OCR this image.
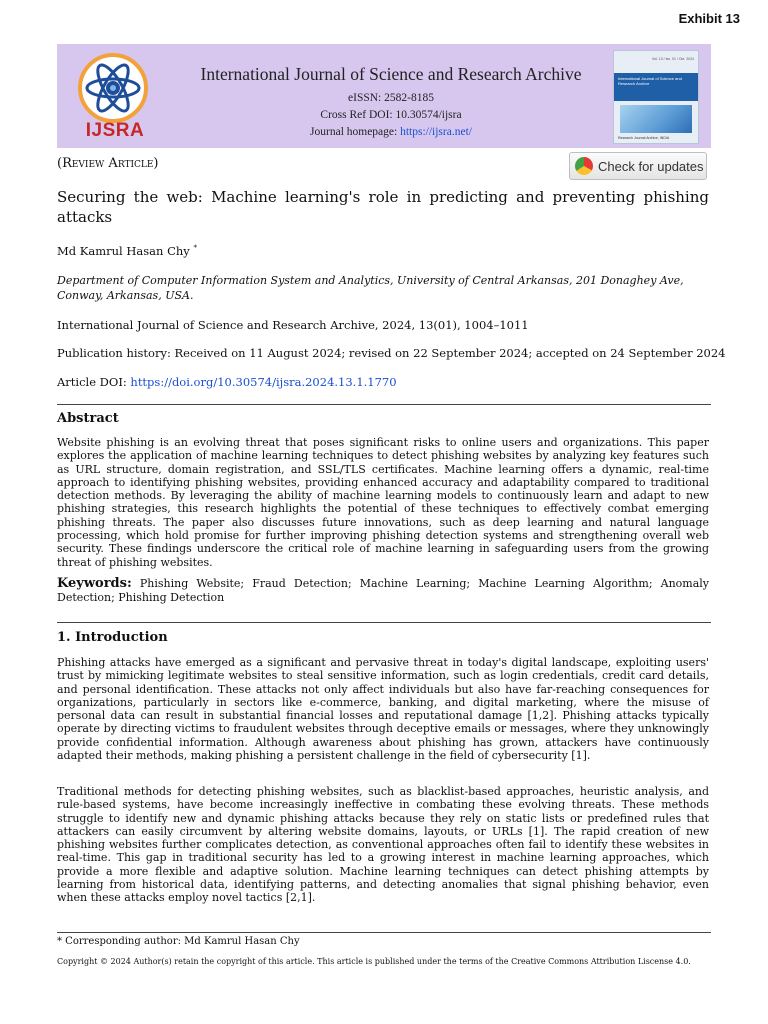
Exhibit 13
IJSRA
International Journal of Science and Research Archive
eISSN: 2582-8185
Cross Ref DOI: 10.30574/ijsra
Journal homepage: https://ijsra.net/
Vol. 13 / Iss. 01 / Oct. 2024
International Journal of Science and Research Archive
Research Journal Archive, INDIA
(Review Article)	Check for updates
Securing the web: Machine learning's role in predicting and preventing phishing attacks
Md Kamrul Hasan Chy *
Department of Computer Information System and Analytics, University of Central Arkansas, 201 Donaghey Ave, Conway, Arkansas, USA.
International Journal of Science and Research Archive, 2024, 13(01), 1004–1011
Publication history: Received on 11 August 2024; revised on 22 September 2024; accepted on 24 September 2024
Article DOI: https://doi.org/10.30574/ijsra.2024.13.1.1770
Abstract

Website phishing is an evolving threat that poses significant risks to online users and organizations. This paper explores the application of machine learning techniques to detect phishing websites by analyzing key features such as URL structure, domain registration, and SSL/TLS certificates. Machine learning offers a dynamic, real-time approach to identifying phishing websites, providing enhanced accuracy and adaptability compared to traditional detection methods. By leveraging the ability of machine learning models to continuously learn and adapt to new phishing strategies, this research highlights the potential of these techniques to effectively combat emerging phishing threats. The paper also discusses future innovations, such as deep learning and natural language processing, which hold promise for further improving phishing detection systems and strengthening overall web security. These findings underscore the critical role of machine learning in safeguarding users from the growing threat of phishing websites.

Keywords: Phishing Website; Fraud Detection; Machine Learning; Machine Learning Algorithm; Anomaly Detection; Phishing Detection
1. Introduction

Phishing attacks have emerged as a significant and pervasive threat in today's digital landscape, exploiting users' trust by mimicking legitimate websites to steal sensitive information, such as login credentials, credit card details, and personal identification. These attacks not only affect individuals but also have far-reaching consequences for organizations, particularly in sectors like e-commerce, banking, and digital marketing, where the misuse of personal data can result in substantial financial losses and reputational damage [1,2]. Phishing attacks typically operate by directing victims to fraudulent websites through deceptive emails or messages, where they unknowingly provide confidential information. Although awareness about phishing has grown, attackers have continuously adapted their methods, making phishing a persistent challenge in the field of cybersecurity [1].

Traditional methods for detecting phishing websites, such as blacklist-based approaches, heuristic analysis, and rule-based systems, have become increasingly ineffective in combating these evolving threats. These methods struggle to identify new and dynamic phishing attacks because they rely on static lists or predefined rules that attackers can easily circumvent by altering website domains, layouts, or URLs [1]. The rapid creation of new phishing websites further complicates detection, as conventional approaches often fail to identify these websites in real-time. This gap in traditional security has led to a growing interest in machine learning approaches, which provide a more flexible and adaptive solution. Machine learning techniques can detect phishing attempts by learning from historical data, identifying patterns, and detecting anomalies that signal phishing behavior, even when these attacks employ novel tactics [2,1].

* Corresponding author: Md Kamrul Hasan Chy
Copyright © 2024 Author(s) retain the copyright of this article. This article is published under the terms of the Creative Commons Attribution Liscense 4.0.
